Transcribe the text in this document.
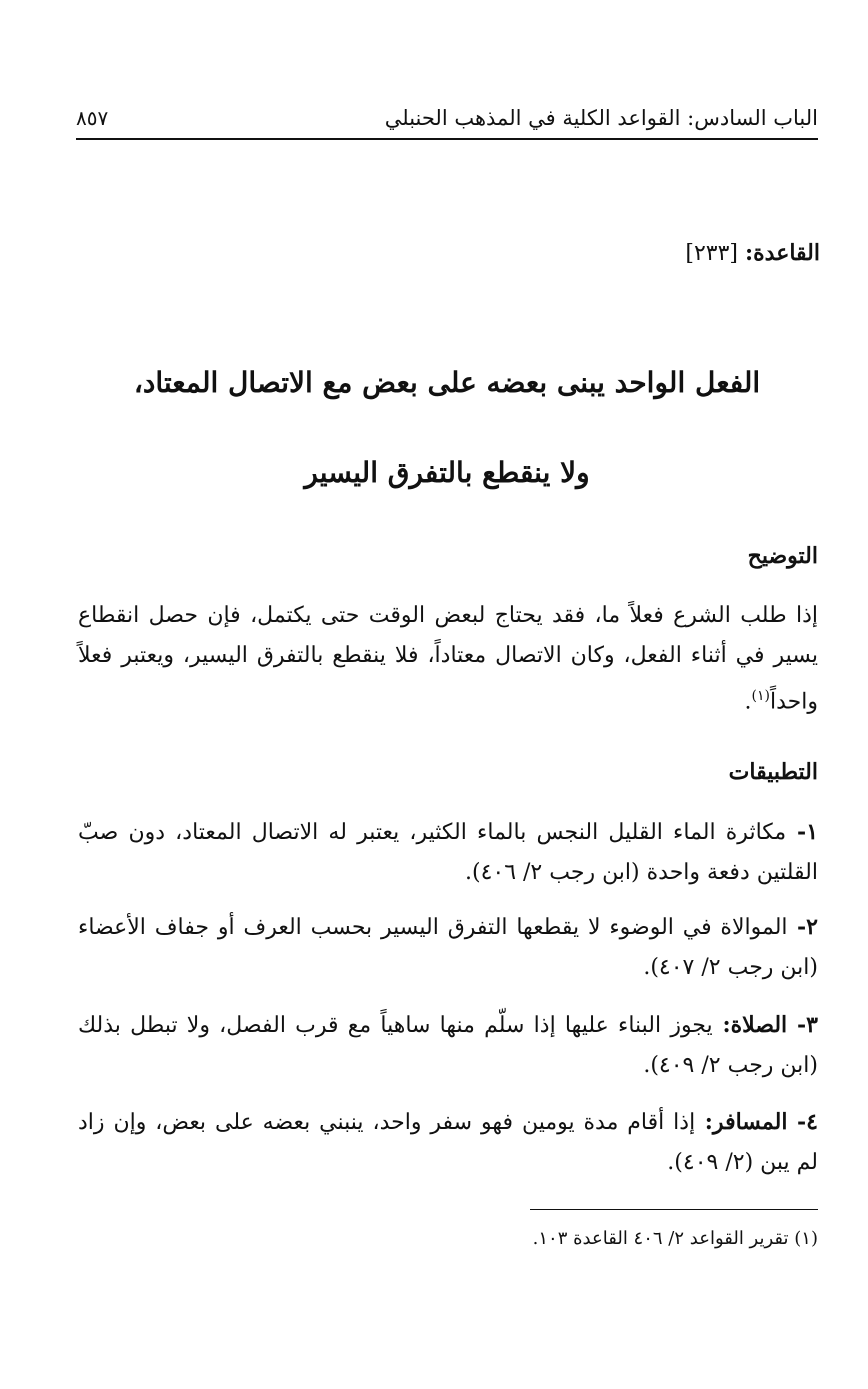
٨٥٧	الباب السادس: القواعد الكلية في المذهب الحنبلي
القاعدة: [٢٣٣]
الفعل الواحد يبنى بعضه على بعض مع الاتصال المعتاد،
ولا ينقطع بالتفرق اليسير
التوضيح
إذا طلب الشرع فعلاً ما، فقد يحتاج لبعض الوقت حتى يكتمل، فإن حصل انقطاع يسير في أثناء الفعل، وكان الاتصال معتاداً، فلا ينقطع بالتفرق اليسير، ويعتبر فعلاً واحداً$^{(١)}$.
التطبيقات
١- مكاثرة الماء القليل النجس بالماء الكثير، يعتبر له الاتصال المعتاد، دون صبّ القلتين دفعة واحدة (ابن رجب ٢/ ٤٠٦).
٢- الموالاة في الوضوء لا يقطعها التفرق اليسير بحسب العرف أو جفاف الأعضاء (ابن رجب ٢/ ٤٠٧).
٣- الصلاة: يجوز البناء عليها إذا سلّم منها ساهياً مع قرب الفصل، ولا تبطل بذلك (ابن رجب ٢/ ٤٠٩).
٤- المسافر: إذا أقام مدة يومين فهو سفر واحد، ينبني بعضه على بعض، وإن زاد لم يبن (٢/ ٤٠٩).
(١) تقرير القواعد ٢/ ٤٠٦ القاعدة ١٠٣.
